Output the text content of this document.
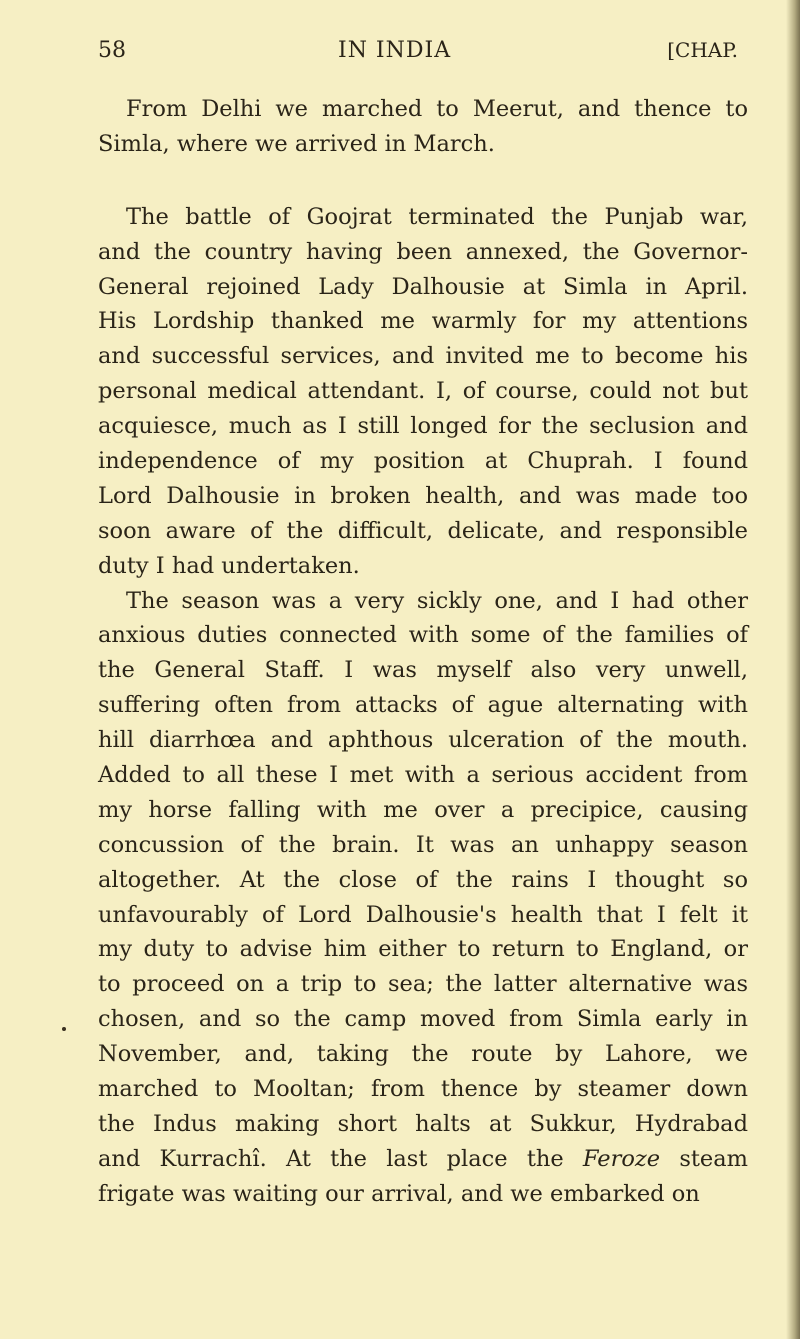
58	IN INDIA	[CHAP.
From Delhi we marched to Meerut, and thence to
Simla, where we arrived in March.
The battle of Goojrat terminated the Punjab war,
and the country having been annexed, the Governor-
General rejoined Lady Dalhousie at Simla in April.
His Lordship thanked me warmly for my attentions
and successful services, and invited me to become his
personal medical attendant. I, of course, could not but
acquiesce, much as I still longed for the seclusion and
independence of my position at Chuprah. I found
Lord Dalhousie in broken health, and was made too
soon aware of the difficult, delicate, and responsible
duty I had undertaken.
The season was a very sickly one, and I had other
anxious duties connected with some of the families of
the General Staff. I was myself also very unwell,
suffering often from attacks of ague alternating with
hill diarrhœa and aphthous ulceration of the mouth.
Added to all these I met with a serious accident from
my horse falling with me over a precipice, causing
concussion of the brain. It was an unhappy season
altogether. At the close of the rains I thought so
unfavourably of Lord Dalhousie's health that I felt it
my duty to advise him either to return to England, or
to proceed on a trip to sea; the latter alternative was
chosen, and so the camp moved from Simla early in
November, and, taking the route by Lahore, we
marched to Mooltan; from thence by steamer down
the Indus making short halts at Sukkur, Hydrabad
and Kurrachî. At the last place the Feroze steam
frigate was waiting our arrival, and we embarked on
